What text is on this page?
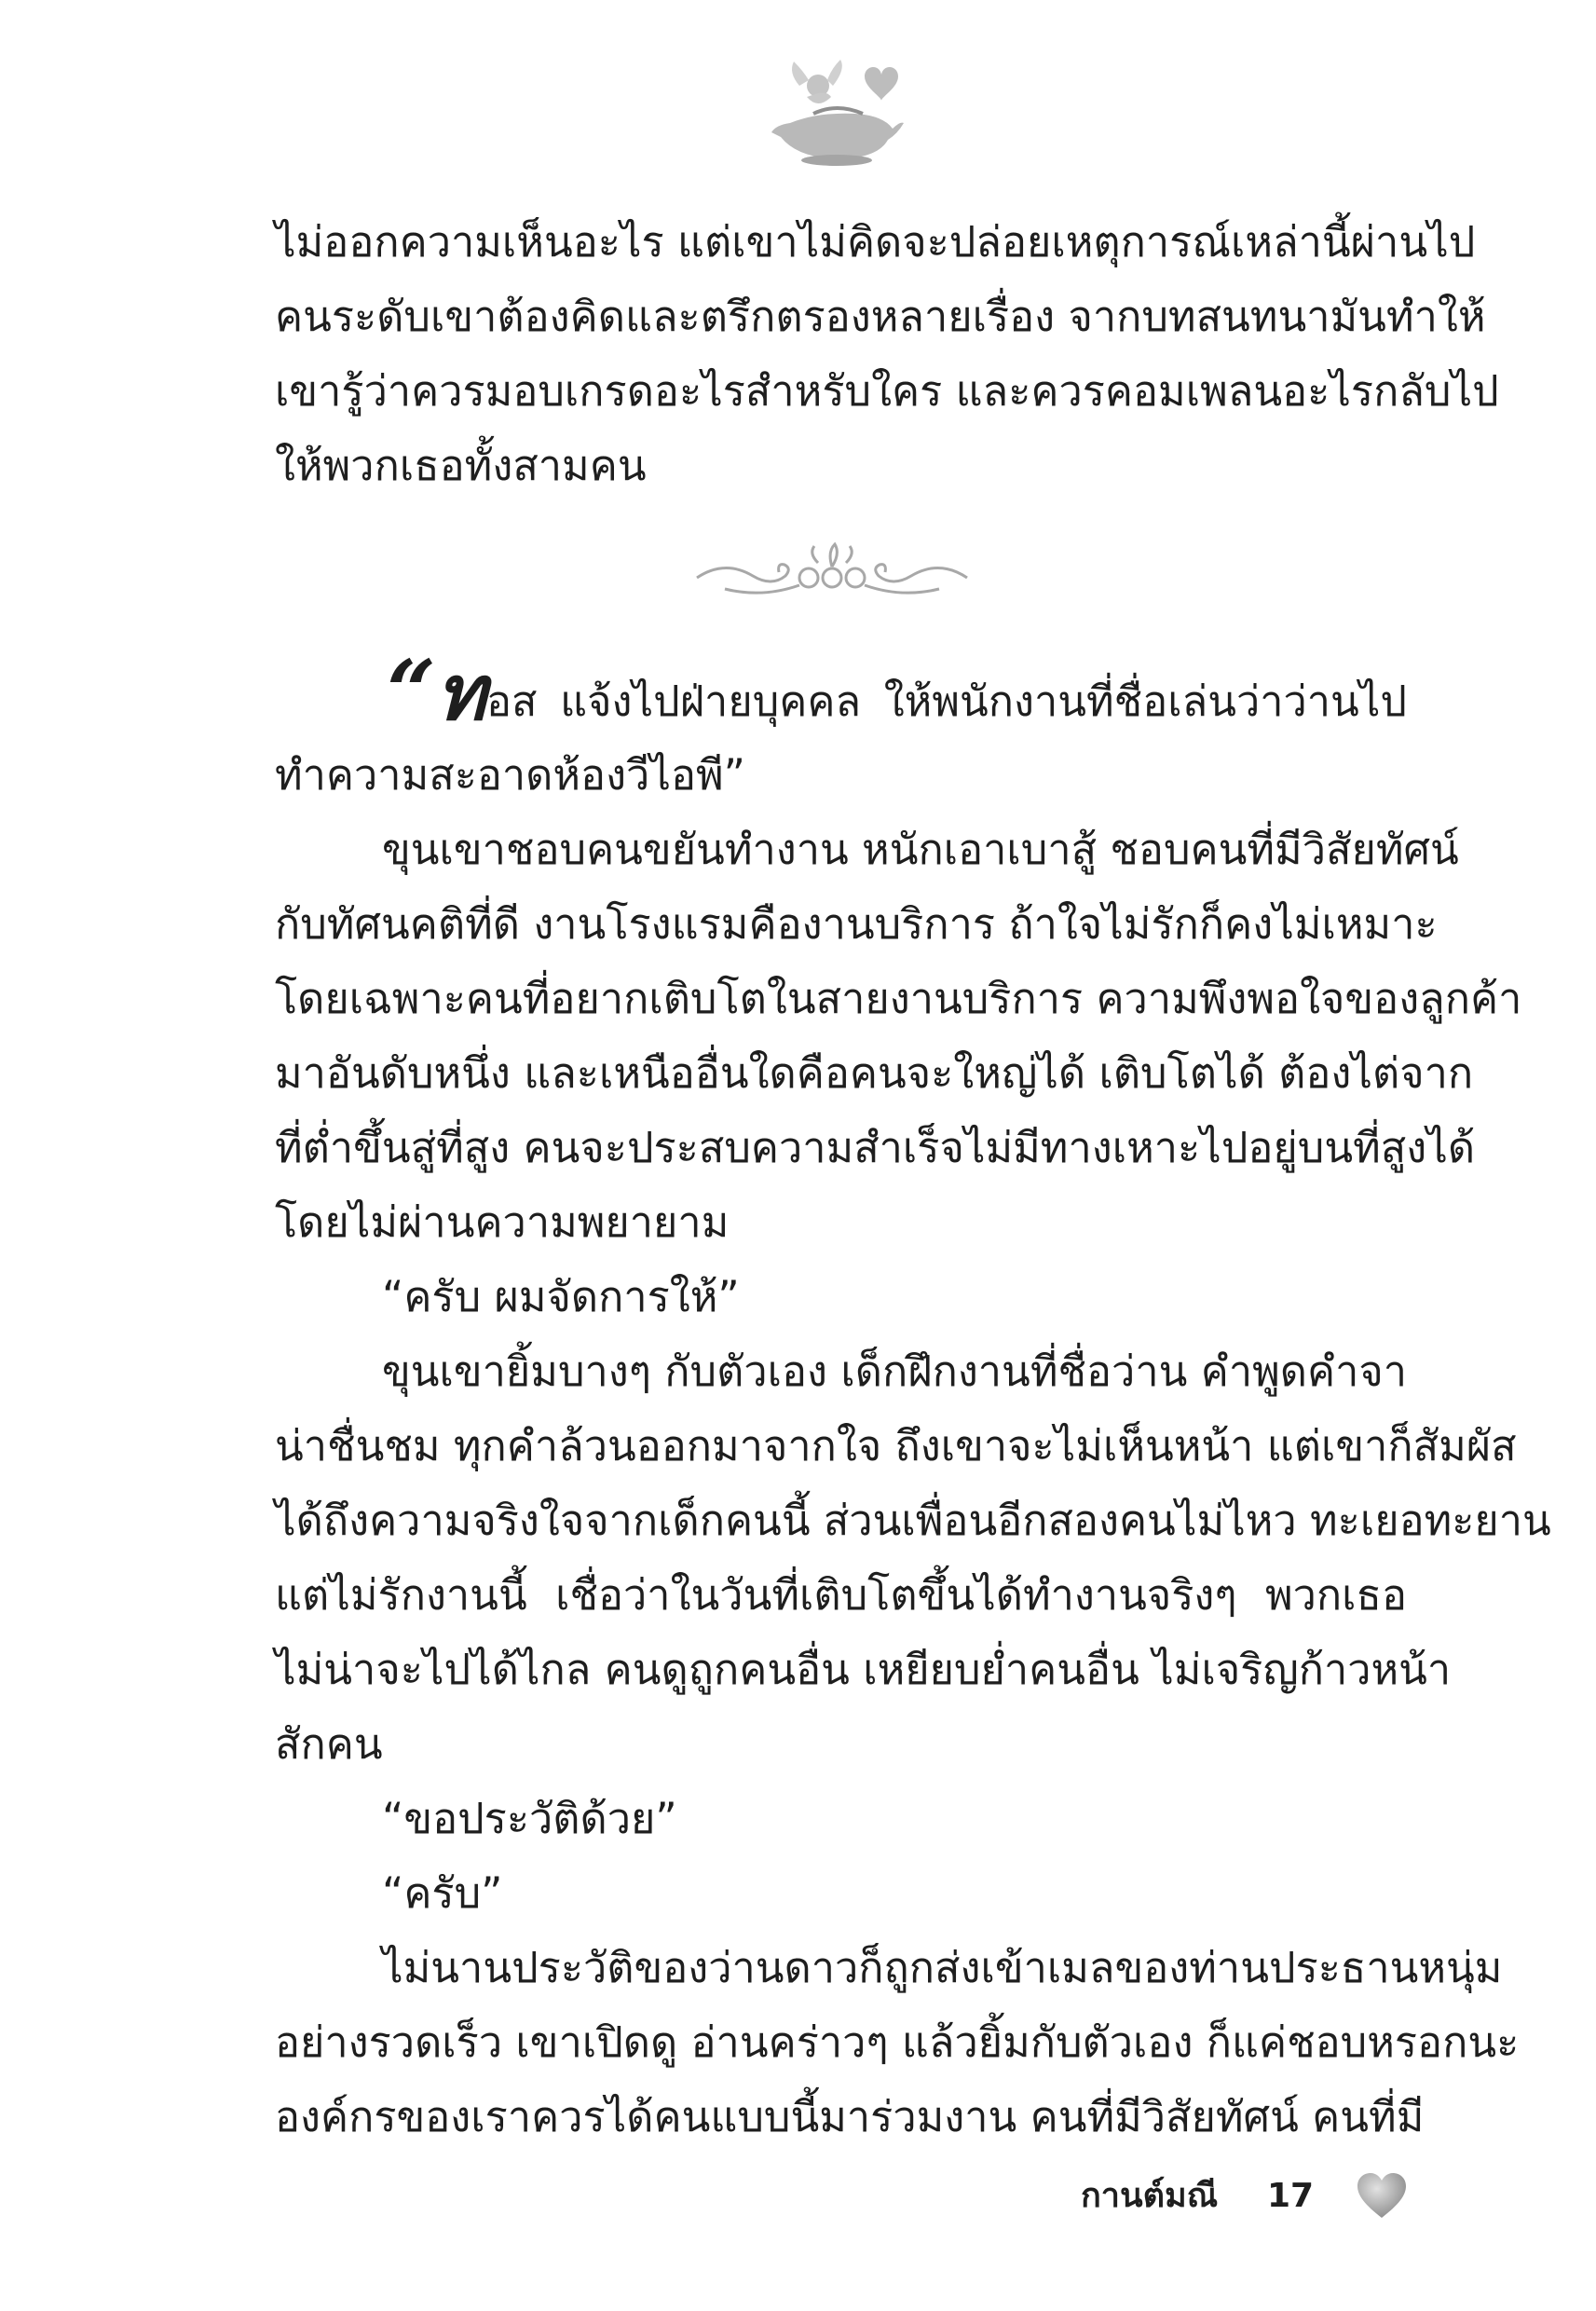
ไม่ออกความเห็นอะไร แต่เขาไม่คิดจะปล่อยเหตุการณ์เหล่านี้ผ่านไป
คนระดับเขาต้องคิดและตรึกตรองหลายเรื่อง จากบทสนทนามันทำให้
เขารู้ว่าควรมอบเกรดอะไรสำหรับใคร และควรคอมเพลนอะไรกลับไป
ให้พวกเธอทั้งสามคน
“ทอส แจ้งไปฝ่ายบุคคล ให้พนักงานที่ชื่อเล่นว่าว่านไป
ทำความสะอาดห้องวีไอพี”
ขุนเขาชอบคนขยันทำงาน หนักเอาเบาสู้ ชอบคนที่มีวิสัยทัศน์
กับทัศนคติที่ดี งานโรงแรมคืองานบริการ ถ้าใจไม่รักก็คงไม่เหมาะ
โดยเฉพาะคนที่อยากเติบโตในสายงานบริการ ความพึงพอใจของลูกค้า
มาอันดับหนึ่ง และเหนืออื่นใดคือคนจะใหญ่ได้ เติบโตได้ ต้องไต่จาก
ที่ต่ำขึ้นสู่ที่สูง คนจะประสบความสำเร็จไม่มีทางเหาะไปอยู่บนที่สูงได้
โดยไม่ผ่านความพยายาม
“ครับ ผมจัดการให้”
ขุนเขายิ้มบางๆ กับตัวเอง เด็กฝึกงานที่ชื่อว่าน คำพูดคำจา
น่าชื่นชม ทุกคำล้วนออกมาจากใจ ถึงเขาจะไม่เห็นหน้า แต่เขาก็สัมผัส
ได้ถึงความจริงใจจากเด็กคนนี้ ส่วนเพื่อนอีกสองคนไม่ไหว ทะเยอทะยาน
แต่ไม่รักงานนี้ เชื่อว่าในวันที่เติบโตขึ้นได้ทำงานจริงๆ พวกเธอ
ไม่น่าจะไปได้ไกล คนดูถูกคนอื่น เหยียบย่ำคนอื่น ไม่เจริญก้าวหน้า
สักคน
“ขอประวัติด้วย”
“ครับ”
ไม่นานประวัติของว่านดาวก็ถูกส่งเข้าเมลของท่านประธานหนุ่ม
อย่างรวดเร็ว เขาเปิดดู อ่านคร่าวๆ แล้วยิ้มกับตัวเอง ก็แค่ชอบหรอกนะ
องค์กรของเราควรได้คนแบบนี้มาร่วมงาน คนที่มีวิสัยทัศน์ คนที่มี
กานต์มณี 17
